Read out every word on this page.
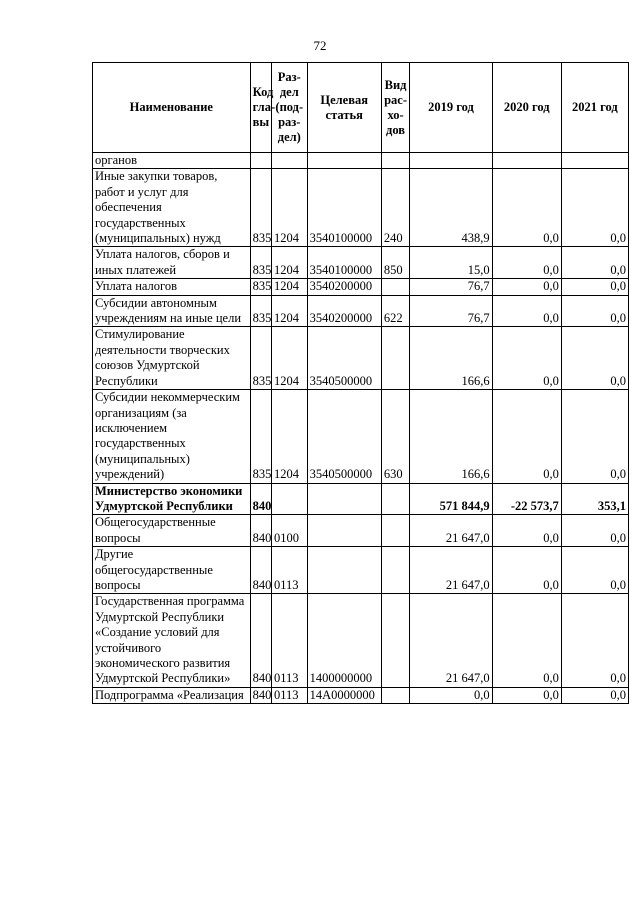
72
Наименование	Код гла- вы	Раз- дел (под- раз- дел)	Целевая статья	Вид рас- хо- дов	2019 год	2020 год	2021 год
органов							
Иные закупки товаров, работ и услуг для обеспечения государственных (муниципальных) нужд	835	1204	3540100000	240	438,9	0,0	0,0
Уплата налогов, сборов и иных платежей	835	1204	3540100000	850	15,0	0,0	0,0
Уплата налогов	835	1204	3540200000		76,7	0,0	0,0
Субсидии автономным учреждениям на иные цели	835	1204	3540200000	622	76,7	0,0	0,0
Стимулирование деятельности творческих союзов Удмуртской Республики	835	1204	3540500000		166,6	0,0	0,0
Субсидии некоммерческим организациям (за исключением государственных (муниципальных) учреждений)	835	1204	3540500000	630	166,6	0,0	0,0
Министерство экономики Удмуртской Республики	840				571 844,9	-22 573,7	353,1
Общегосударственные вопросы	840	0100			21 647,0	0,0	0,0
Другие общегосударственные вопросы	840	0113			21 647,0	0,0	0,0
Государственная программа Удмуртской Республики «Создание условий для устойчивого экономического развития Удмуртской Республики»	840	0113	1400000000		21 647,0	0,0	0,0
Подпрограмма «Реализация	840	0113	14А0000000		0,0	0,0	0,0
